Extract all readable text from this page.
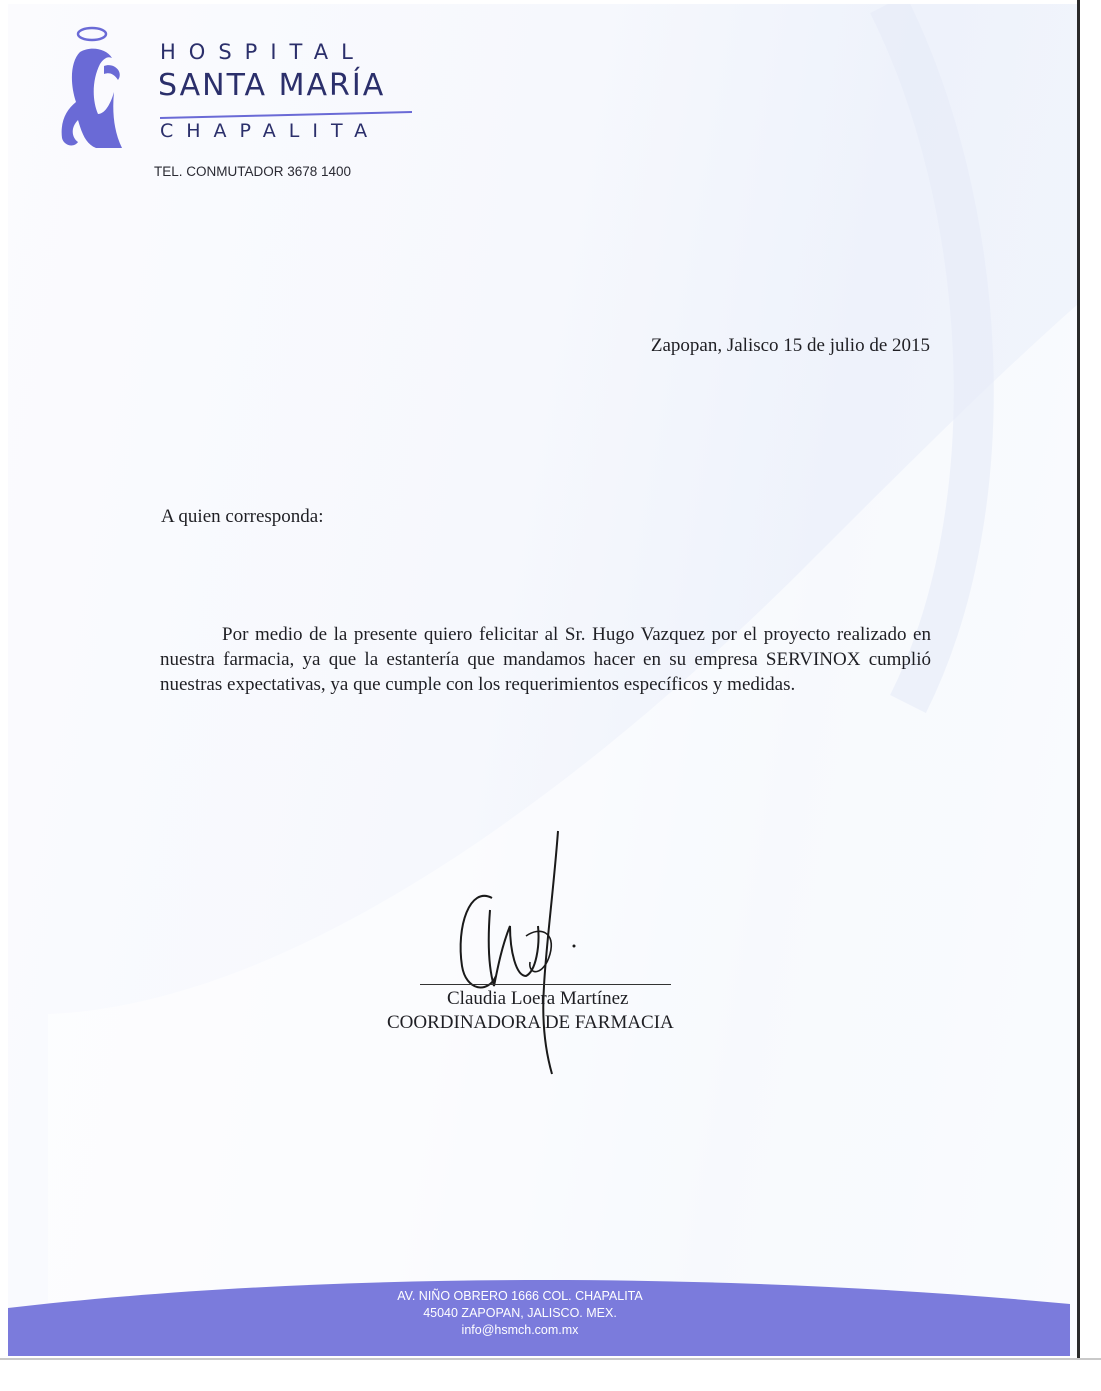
HOSPITAL
SANTA MARÍA
CHAPALITA
TEL. CONMUTADOR 3678 1400
Zapopan, Jalisco 15 de julio de 2015
A quien corresponda:

Por medio de la presente quiero felicitar al Sr. Hugo Vazquez por el proyecto realizado en nuestra farmacia, ya que la estantería que mandamos hacer en su empresa SERVINOX cumplió nuestras expectativas, ya que cumple con los requerimientos específicos y medidas.

Claudia Loera Martínez
COORDINADORA DE FARMACIA
AV. NIÑO OBRERO 1666 COL. CHAPALITA
45040 ZAPOPAN, JALISCO. MEX.
info@hsmch.com.mx
